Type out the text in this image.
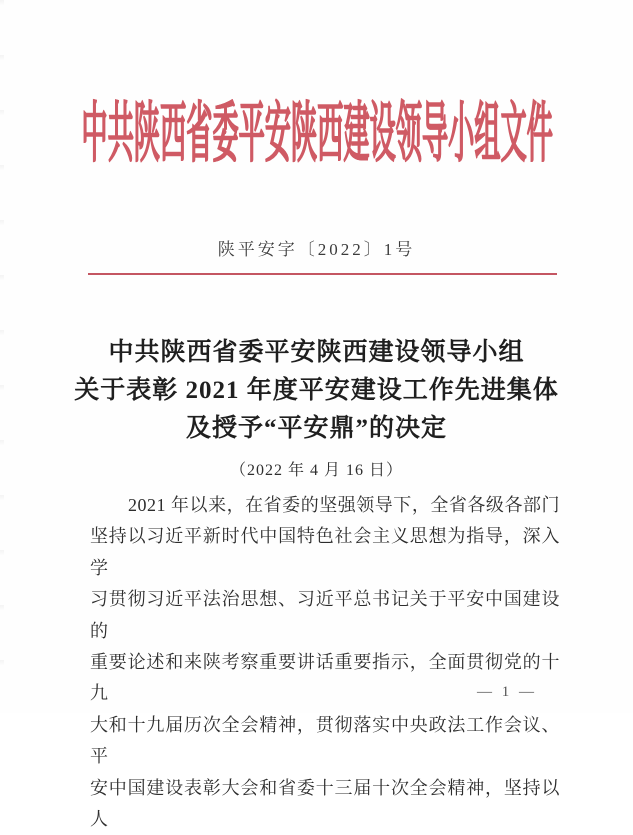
中共陕西省委平安陕西建设领导小组文件
陕平安字〔2022〕1号
中共陕西省委平安陕西建设领导小组
关于表彰 2021 年度平安建设工作先进集体
及授予“平安鼎”的决定
（2022 年 4 月 16 日）
2021 年以来，在省委的坚强领导下，全省各级各部门
坚持以习近平新时代中国特色社会主义思想为指导，深入学
习贯彻习近平法治思想、习近平总书记关于平安中国建设的
重要论述和来陕考察重要讲话重要指示，全面贯彻党的十九
大和十九届历次全会精神，贯彻落实中央政法工作会议、平
安中国建设表彰大会和省委十三届十次全会精神，坚持以人
— 1 —
